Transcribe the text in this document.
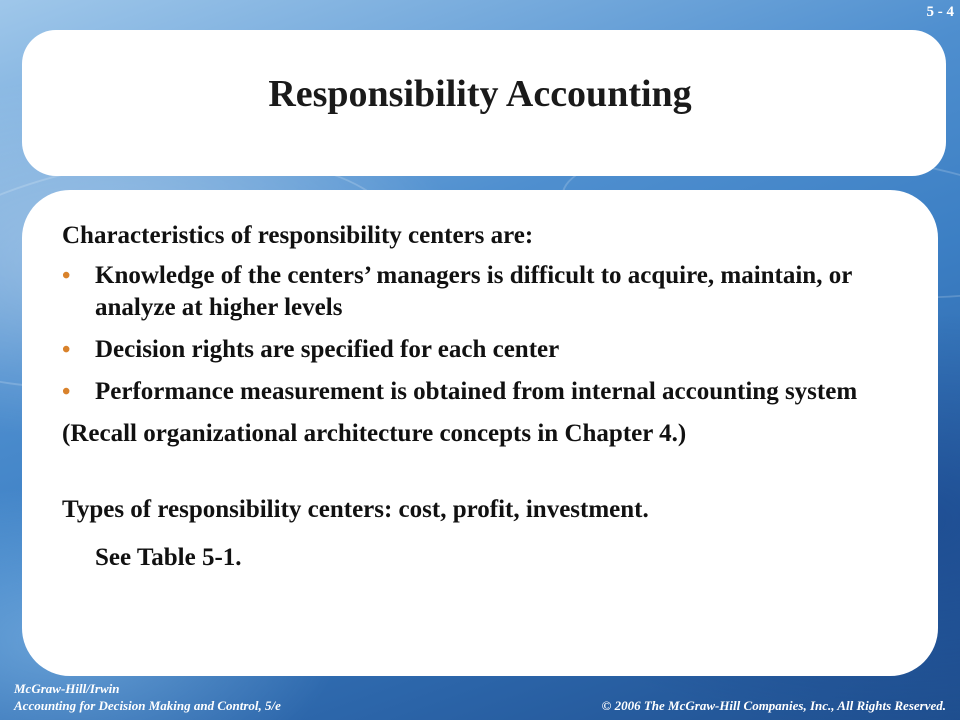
5 - 4
Responsibility Accounting

Characteristics of responsibility centers are:

• Knowledge of the centers’ managers is difficult to acquire, maintain, or analyze at higher levels
• Decision rights are specified for each center
• Performance measurement is obtained from internal accounting system

(Recall organizational architecture concepts in Chapter 4.)

Types of responsibility centers: cost, profit, investment.

See Table 5-1.

McGraw-Hill/Irwin
Accounting for Decision Making and Control, 5/e	© 2006 The McGraw-Hill Companies, Inc., All Rights Reserved.
